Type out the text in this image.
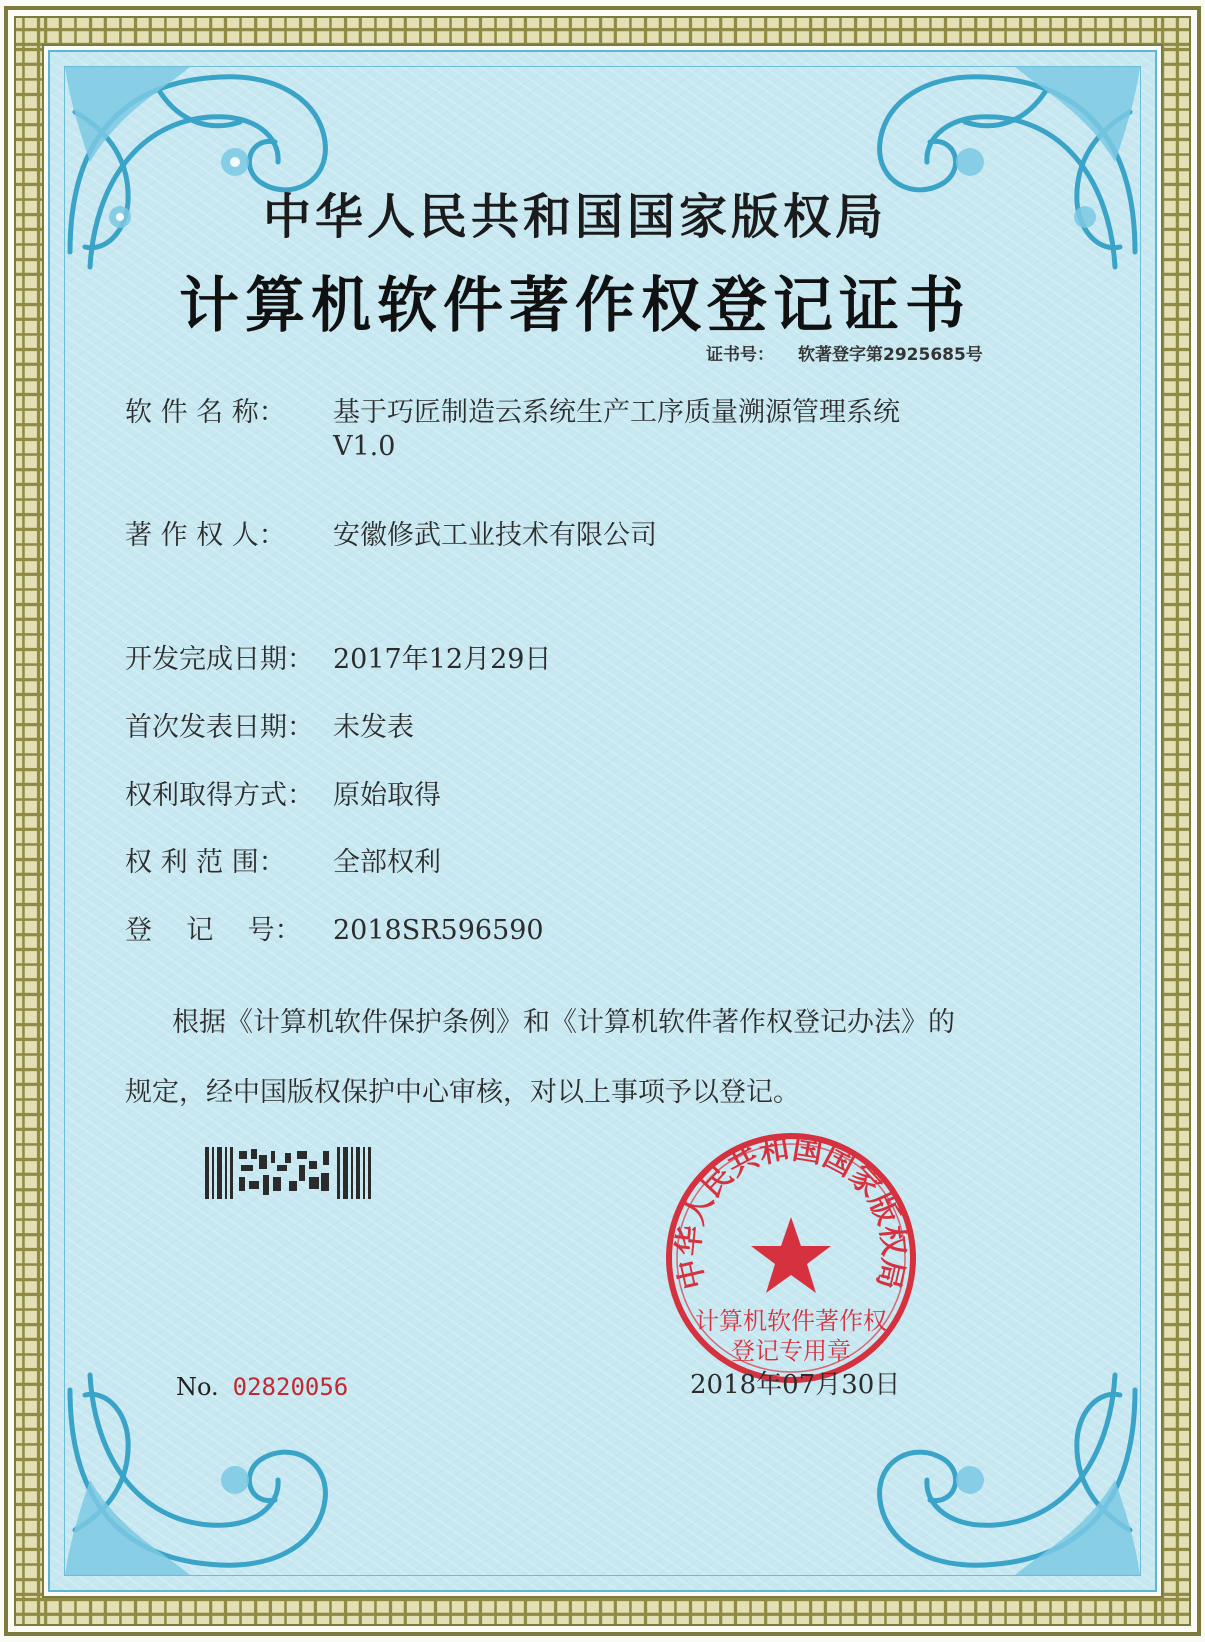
中华人民共和国国家版权局
计算机软件著作权登记证书
证书号： 软著登字第2925685号
软 件 名 称： 基于巧匠制造云系统生产工序质量溯源管理系统
V1.0
著 作 权 人： 安徽修武工业技术有限公司
开发完成日期： 2017年12月29日
首次发表日期： 未发表
权利取得方式： 原始取得
权 利 范 围： 全部权利
登    记    号： 2018SR596590
根据《计算机软件保护条例》和《计算机软件著作权登记办法》的
规定，经中国版权保护中心审核，对以上事项予以登记。
中华人民共和国国家版权局
计算机软件著作权
登记专用章
No. 02820056	2018年07月30日
